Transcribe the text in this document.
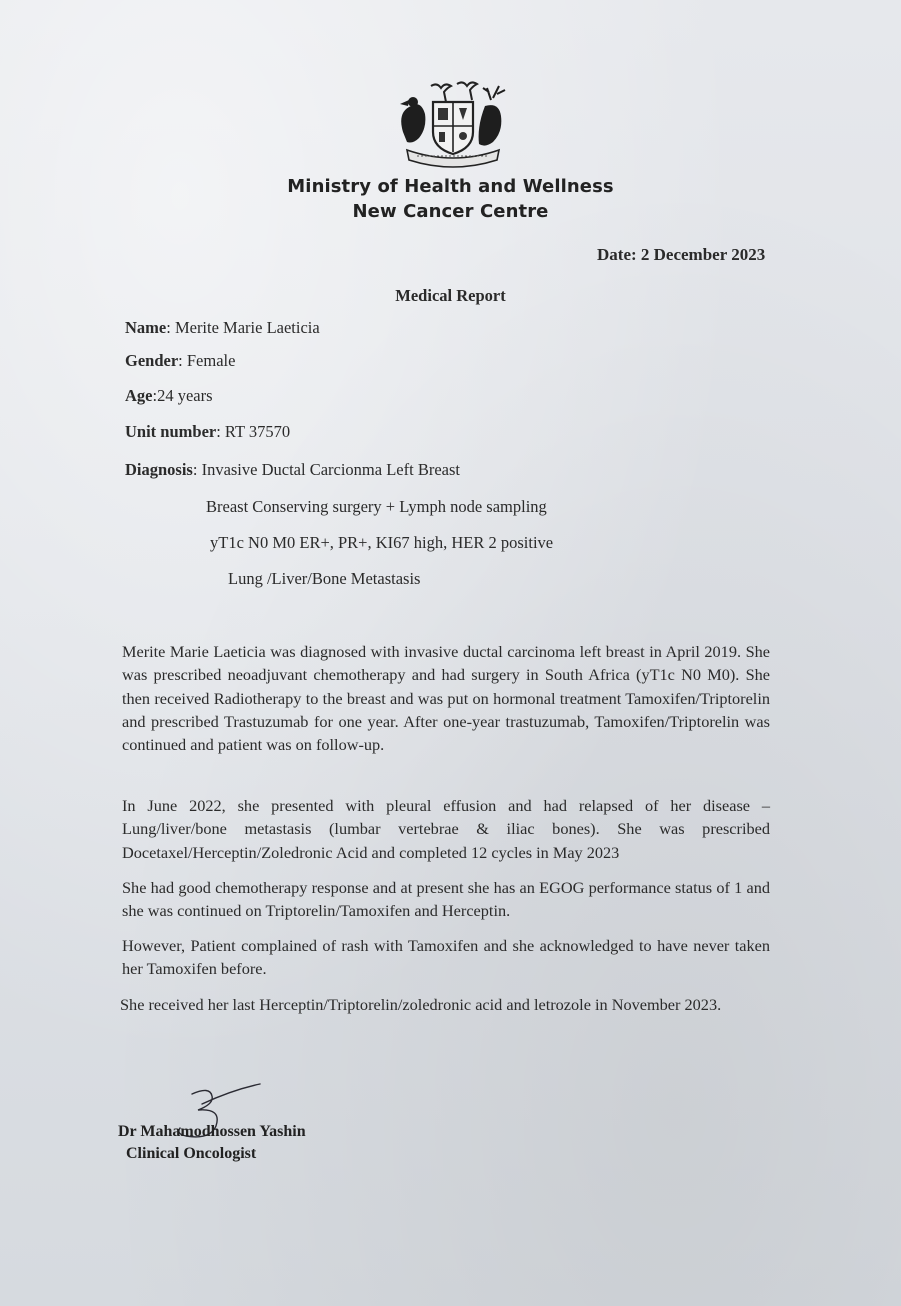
Ministry of Health and Wellness
New Cancer Centre
Date: 2 December 2023
Medical Report
Name: Merite Marie Laeticia
Gender: Female
Age:24 years
Unit number: RT 37570
Diagnosis: Invasive Ductal Carcionma Left Breast
Breast Conserving surgery + Lymph node sampling
yT1c N0 M0 ER+, PR+, KI67 high, HER 2 positive
Lung /Liver/Bone Metastasis

Merite Marie Laeticia was diagnosed with invasive ductal carcinoma left breast in April 2019. She was prescribed neoadjuvant chemotherapy and had surgery in South Africa (yT1c N0 M0). She then received Radiotherapy to the breast and was put on hormonal treatment Tamoxifen/Triptorelin and prescribed Trastuzumab for one year. After one-year trastuzumab, Tamoxifen/Triptorelin was continued and patient was on follow-up.

In June 2022, she presented with pleural effusion and had relapsed of her disease – Lung/liver/bone metastasis (lumbar vertebrae & iliac bones). She was prescribed Docetaxel/Herceptin/Zoledronic Acid and completed 12 cycles in May 2023

She had good chemotherapy response and at present she has an EGOG performance status of 1 and she was continued on Triptorelin/Tamoxifen and Herceptin.

However, Patient complained of rash with Tamoxifen and she acknowledged to have never taken her Tamoxifen before.

She received her last Herceptin/Triptorelin/zoledronic acid and letrozole in November 2023.

Dr Mahamodhossen Yashin
Clinical Oncologist
